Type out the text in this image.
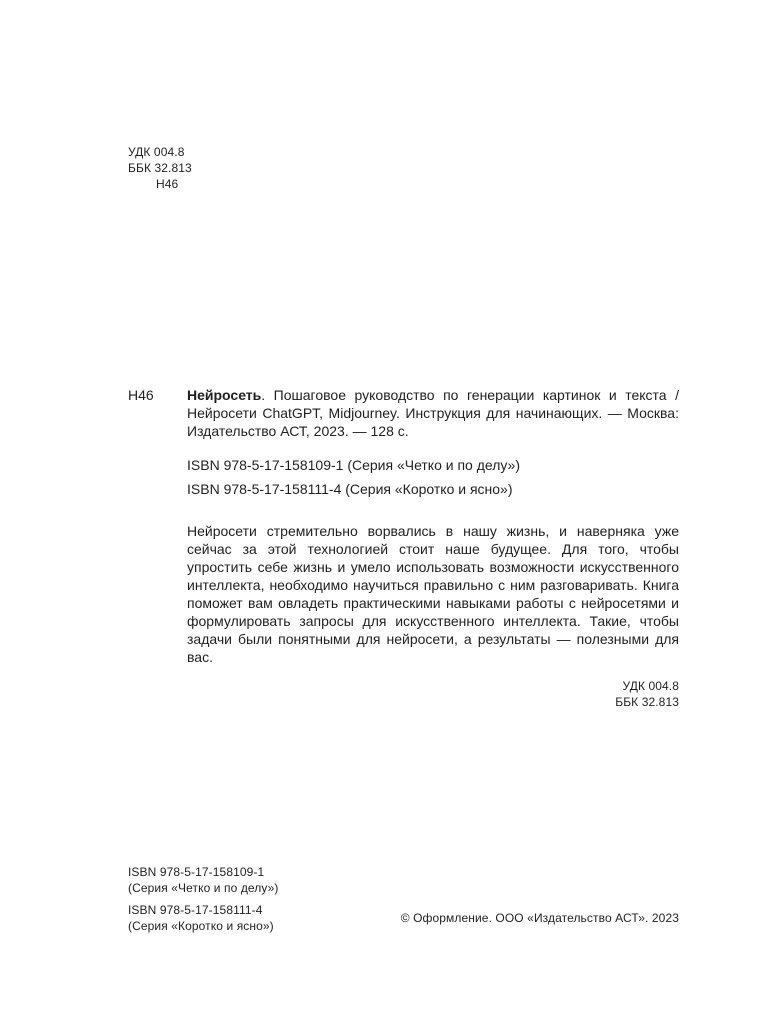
УДК 004.8
ББК 32.813
Н46
Н46 Нейросеть. Пошаговое руководство по генерации картинок и текста / Нейросети ChatGPT, Midjourney. Инструкция для начинающих. — Москва: Издательство АСТ, 2023. — 128 с.

ISBN 978-5-17-158109-1 (Серия «Четко и по делу»)

ISBN 978-5-17-158111-4 (Серия «Коротко и ясно»)

Нейросети стремительно ворвались в нашу жизнь, и наверняка уже сейчас за этой технологией стоит наше будущее. Для того, чтобы упростить себе жизнь и умело использовать возможности искусственного интеллекта, необходимо научиться правильно с ним разговаривать. Книга поможет вам овладеть практическими навыками работы с нейросетями и формулировать запросы для искусственного интеллекта. Такие, чтобы задачи были понятными для нейросети, а результаты — полезными для вас.

УДК 004.8
ББК 32.813
ISBN 978-5-17-158109-1
(Серия «Четко и по делу»)
ISBN 978-5-17-158111-4
(Серия «Коротко и ясно»)
© Оформление. ООО «Издательство АСТ». 2023
